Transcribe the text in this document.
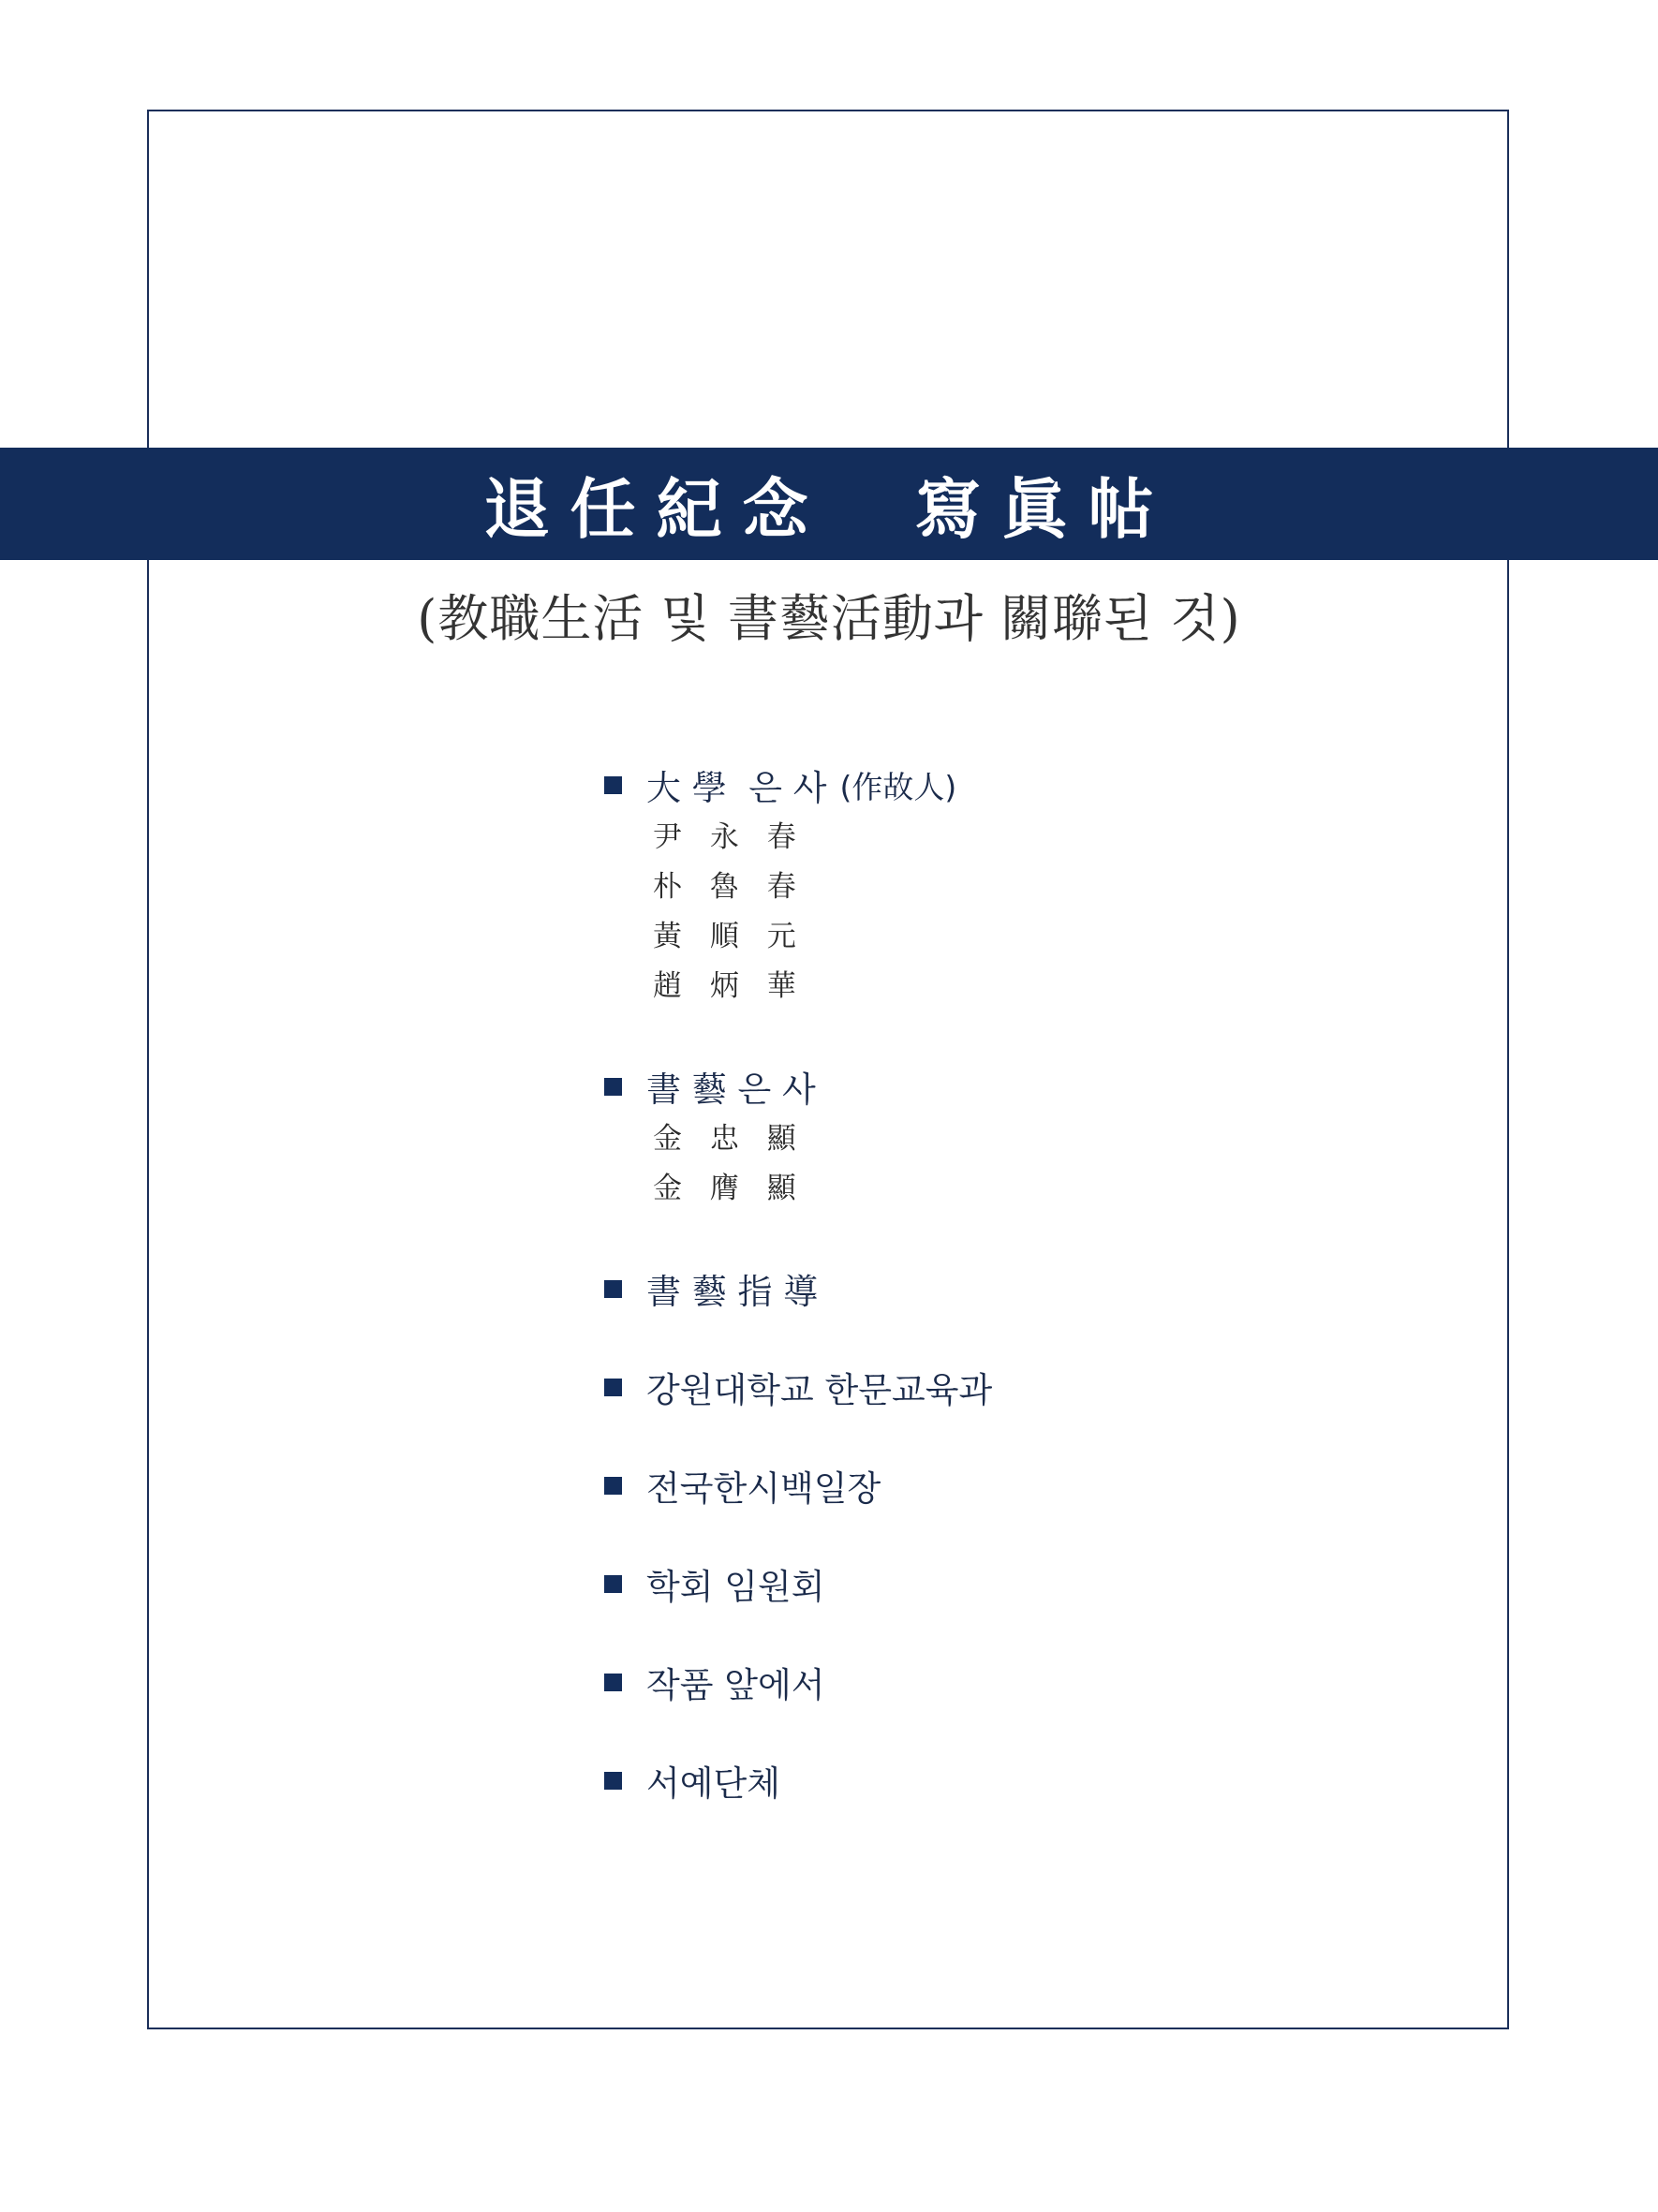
退任紀念  寫眞帖
(教職生活 및 書藝活動과 關聯된 것)
大 學  은 사 (作故人)
尹 永 春
朴 魯 春
黃 順 元
趙 炳 華
書 藝 은 사
金 忠 顯
金 膺 顯
書 藝 指 導
강원대학교 한문교육과
전국한시백일장
학회 임원회
작품 앞에서
서예단체
